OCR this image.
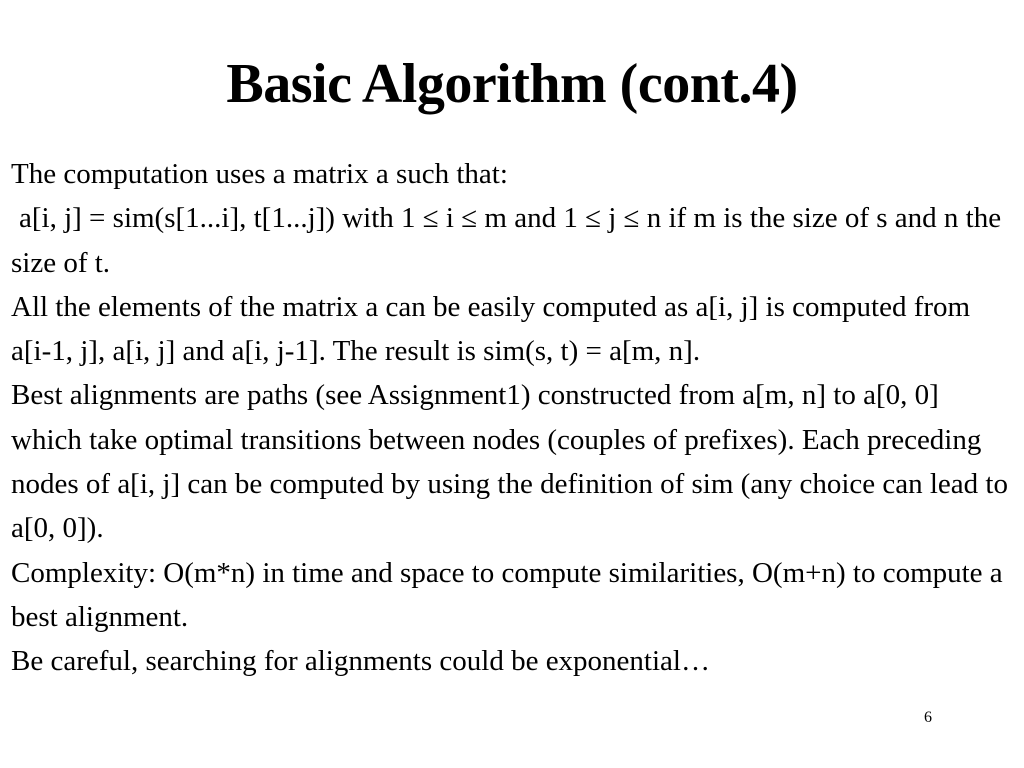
Basic Algorithm (cont.4)

The computation uses a matrix a such that:

a[i, j] = sim(s[1...i], t[1...j]) with 1 ≤ i ≤ m and 1 ≤ j ≤ n if m is the size of s and n the size of t.

All the elements of the matrix a can be easily computed as a[i, j] is computed from a[i-1, j], a[i, j] and a[i, j-1]. The result is sim(s, t) = a[m, n].

Best alignments are paths (see Assignment1) constructed from a[m, n] to a[0, 0] which take optimal transitions between nodes (couples of prefixes). Each preceding nodes of a[i, j] can be computed by using the definition of sim (any choice can lead to a[0, 0]).

Complexity: O(m*n) in time and space to compute similarities, O(m+n) to compute a best alignment.

Be careful, searching for alignments could be exponential…

6
